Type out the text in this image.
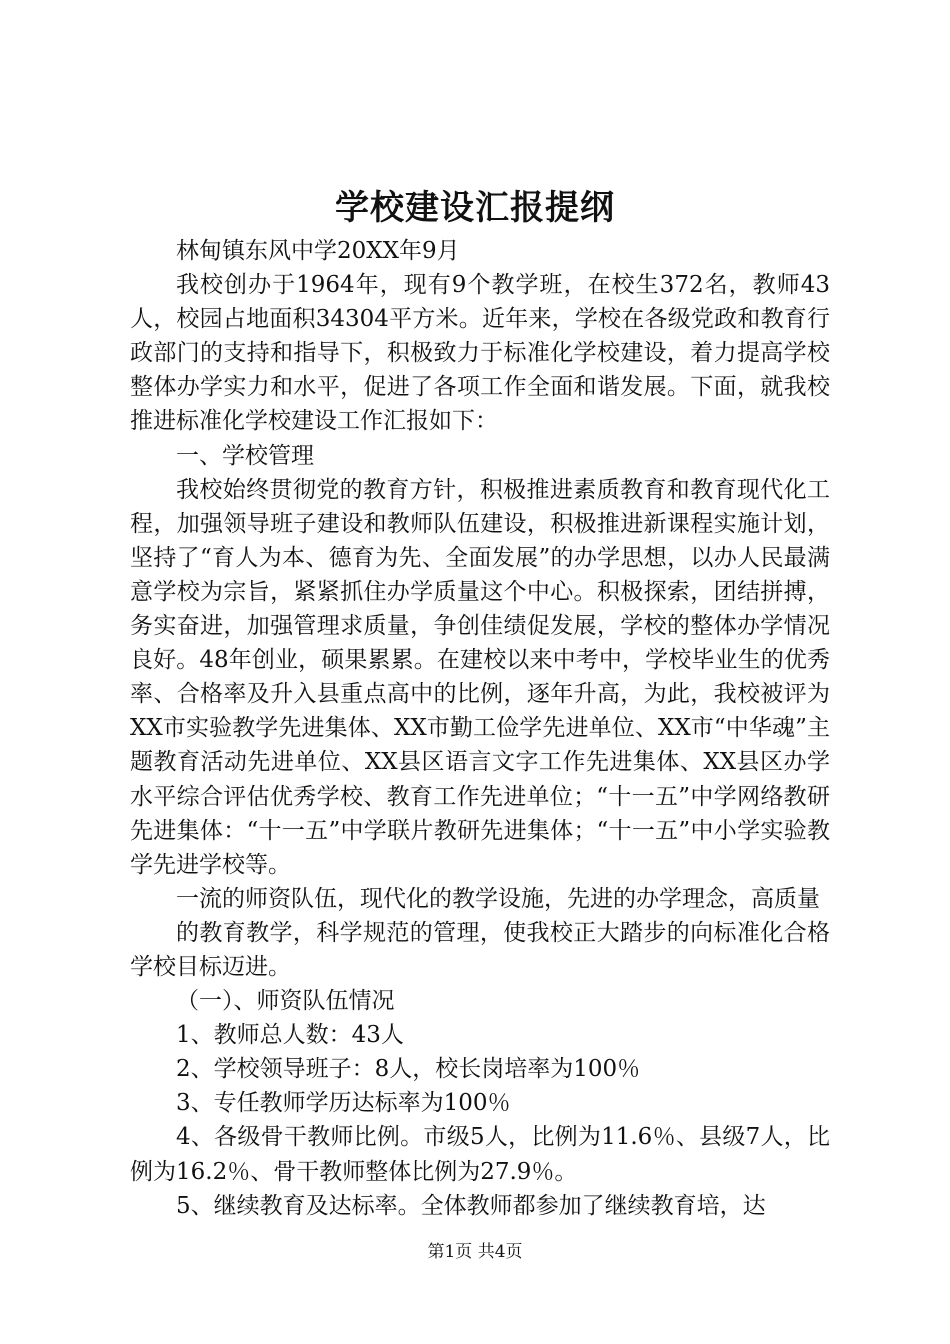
学校建设汇报提纲

林甸镇东风中学20XX年9月

我校创办于1964年，现有9个教学班，在校生372名，教师43人，校园占地面积34304平方米。近年来，学校在各级党政和教育行政部门的支持和指导下，积极致力于标准化学校建设，着力提高学校整体办学实力和水平，促进了各项工作全面和谐发展。下面，就我校推进标准化学校建设工作汇报如下：

一、学校管理

我校始终贯彻党的教育方针，积极推进素质教育和教育现代化工程，加强领导班子建设和教师队伍建设，积极推进新课程实施计划，坚持了“育人为本、德育为先、全面发展”的办学思想，以办人民最满意学校为宗旨，紧紧抓住办学质量这个中心。积极探索，团结拼搏，务实奋进，加强管理求质量，争创佳绩促发展，学校的整体办学情况良好。48年创业，硕果累累。在建校以来中考中，学校毕业生的优秀率、合格率及升入县重点高中的比例，逐年升高，为此，我校被评为XX市实验教学先进集体、XX市勤工俭学先进单位、XX市“中华魂”主题教育活动先进单位、XX县区语言文字工作先进集体、XX县区办学水平综合评估优秀学校、教育工作先进单位；“十一五”中学网络教研先进集体：“十一五”中学联片教研先进集体；“十一五”中小学实验教学先进学校等。

一流的师资队伍，现代化的教学设施，先进的办学理念，高质量

的教育教学，科学规范的管理，使我校正大踏步的向标准化合格学校目标迈进。

（一）、师资队伍情况

1、教师总人数：43人

2、学校领导班子：8人，校长岗培率为100％

3、专任教师学历达标率为100％

4、各级骨干教师比例。市级5人，比例为11.6％、县级7人，比例为16.2％、骨干教师整体比例为27.9％。

5、继续教育及达标率。全体教师都参加了继续教育培，达

第1页 共4页
